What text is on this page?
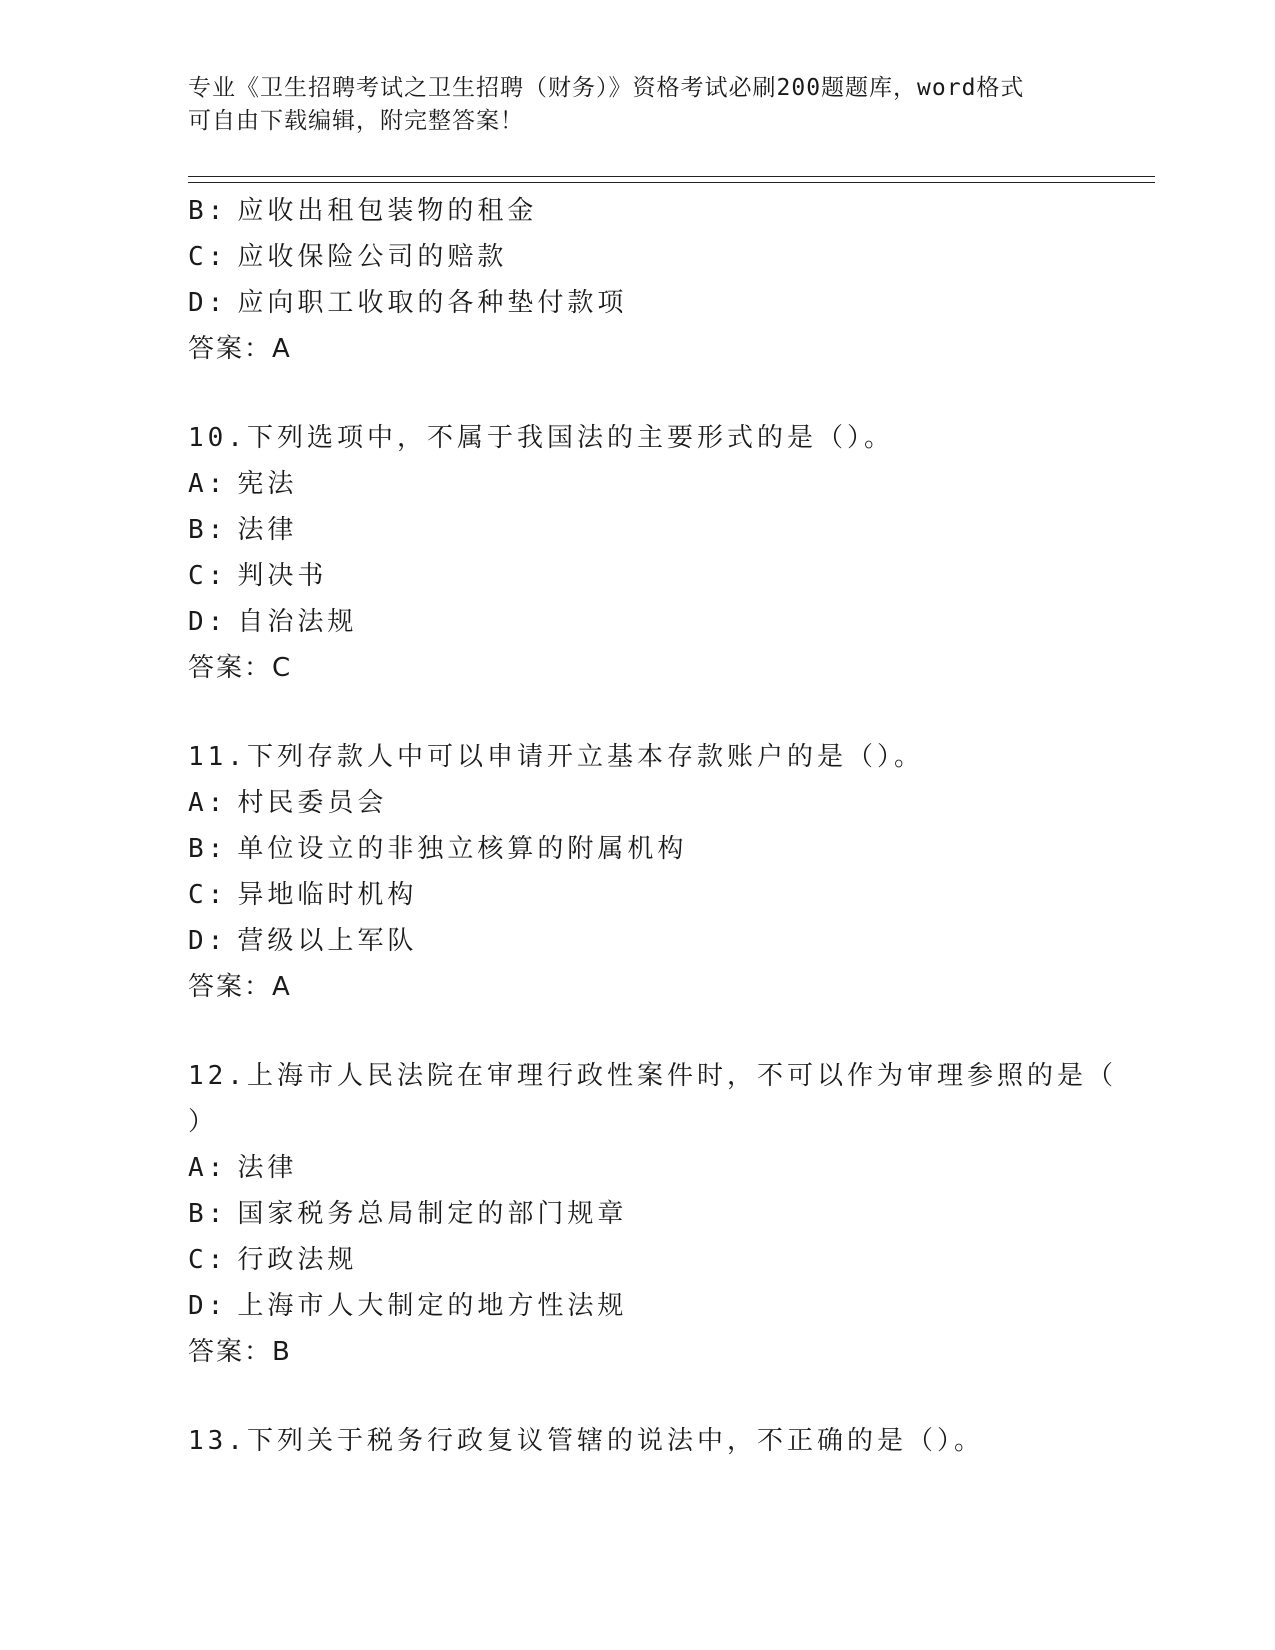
专业《卫生招聘考试之卫生招聘（财务）》资格考试必刷200题题库，word格式
可自由下载编辑，附完整答案！
B: 应收出租包装物的租金
C: 应收保险公司的赔款
D: 应向职工收取的各种垫付款项
答案：A
10.下列选项中，不属于我国法的主要形式的是（）。
A: 宪法
B: 法律
C: 判决书
D: 自治法规
答案：C
11.下列存款人中可以申请开立基本存款账户的是（）。
A: 村民委员会
B: 单位设立的非独立核算的附属机构
C: 异地临时机构
D: 营级以上军队
答案：A
12.上海市人民法院在审理行政性案件时，不可以作为审理参照的是（
）
A: 法律
B: 国家税务总局制定的部门规章
C: 行政法规
D: 上海市人大制定的地方性法规
答案：B
13.下列关于税务行政复议管辖的说法中，不正确的是（）。
